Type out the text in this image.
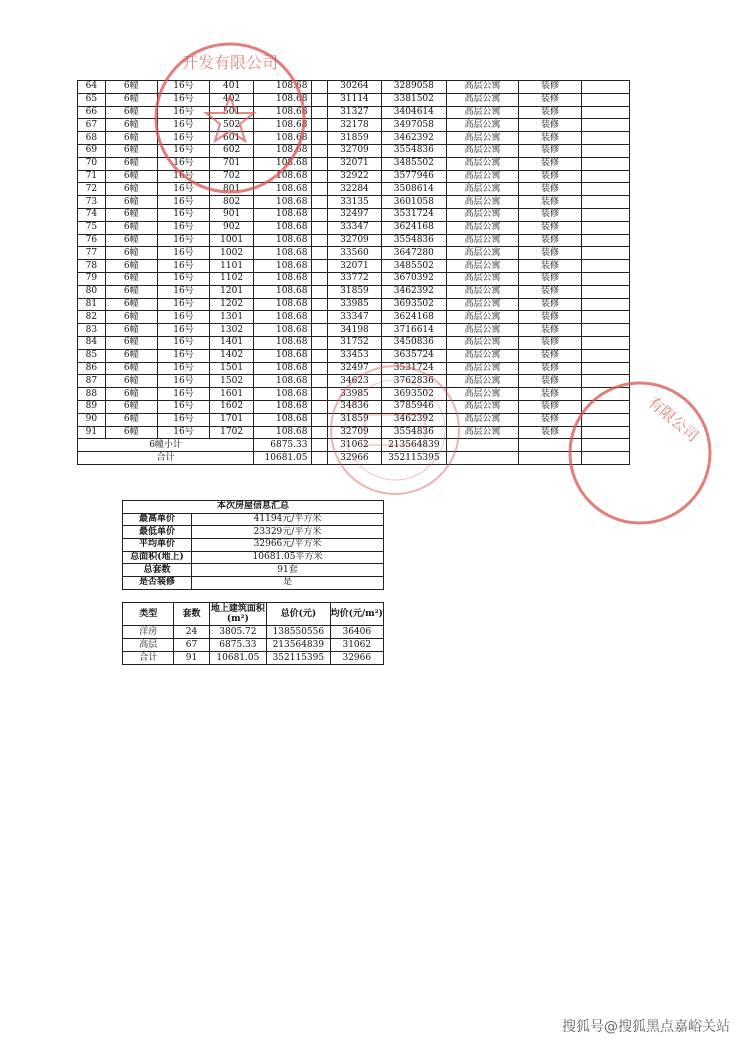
64	6幢	16号	401	108.68		30264	3289058	高层公寓	装修	
65	6幢	16号	402	108.68		31114	3381502	高层公寓	装修	
66	6幢	16号	501	108.68		31327	3404614	高层公寓	装修	
67	6幢	16号	502	108.68		32178	3497058	高层公寓	装修	
68	6幢	16号	601	108.68		31859	3462392	高层公寓	装修	
69	6幢	16号	602	108.68		32709	3554836	高层公寓	装修	
70	6幢	16号	701	108.68		32071	3485502	高层公寓	装修	
71	6幢	16号	702	108.68		32922	3577946	高层公寓	装修	
72	6幢	16号	801	108.68		32284	3508614	高层公寓	装修	
73	6幢	16号	802	108.68		33135	3601058	高层公寓	装修	
74	6幢	16号	901	108.68		32497	3531724	高层公寓	装修	
75	6幢	16号	902	108.68		33347	3624168	高层公寓	装修	
76	6幢	16号	1001	108.68		32709	3554836	高层公寓	装修	
77	6幢	16号	1002	108.68		33560	3647280	高层公寓	装修	
78	6幢	16号	1101	108.68		32071	3485502	高层公寓	装修	
79	6幢	16号	1102	108.68		33772	3670392	高层公寓	装修	
80	6幢	16号	1201	108.68		31859	3462392	高层公寓	装修	
81	6幢	16号	1202	108.68		33985	3693502	高层公寓	装修	
82	6幢	16号	1301	108.68		33347	3624168	高层公寓	装修	
83	6幢	16号	1302	108.68		34198	3716614	高层公寓	装修	
84	6幢	16号	1401	108.68		31752	3450836	高层公寓	装修	
85	6幢	16号	1402	108.68		33453	3635724	高层公寓	装修	
86	6幢	16号	1501	108.68		32497	3531724	高层公寓	装修	
87	6幢	16号	1502	108.68		34623	3762836	高层公寓	装修	
88	6幢	16号	1601	108.68		33985	3693502	高层公寓	装修	
89	6幢	16号	1602	108.68		34836	3785946	高层公寓	装修	
90	6幢	16号	1701	108.68		31859	3462392	高层公寓	装修	
91	6幢	16号	1702	108.68		32709	3554836	高层公寓	装修	
6幢小计				6875.33		31062	213564839			
合计				10681.05		32966	352115395			
本次房屋信息汇总	
最高单价	41194元/平方米
最低单价	23329元/平方米
平均单价	32966元/平方米
总面积(地上)	10681.05平方米
总套数	91套
是否装修	是
类型	套数	地上建筑面积(m²)	总价(元)	均价(元/m²)
洋房	24	3805.72	138550556	36406
高层	67	6875.33	213564839	31062
合计	91	10681.05	352115395	32966
开发有限公司
有限公司
搜狐号@搜狐黑点嘉峪关站
